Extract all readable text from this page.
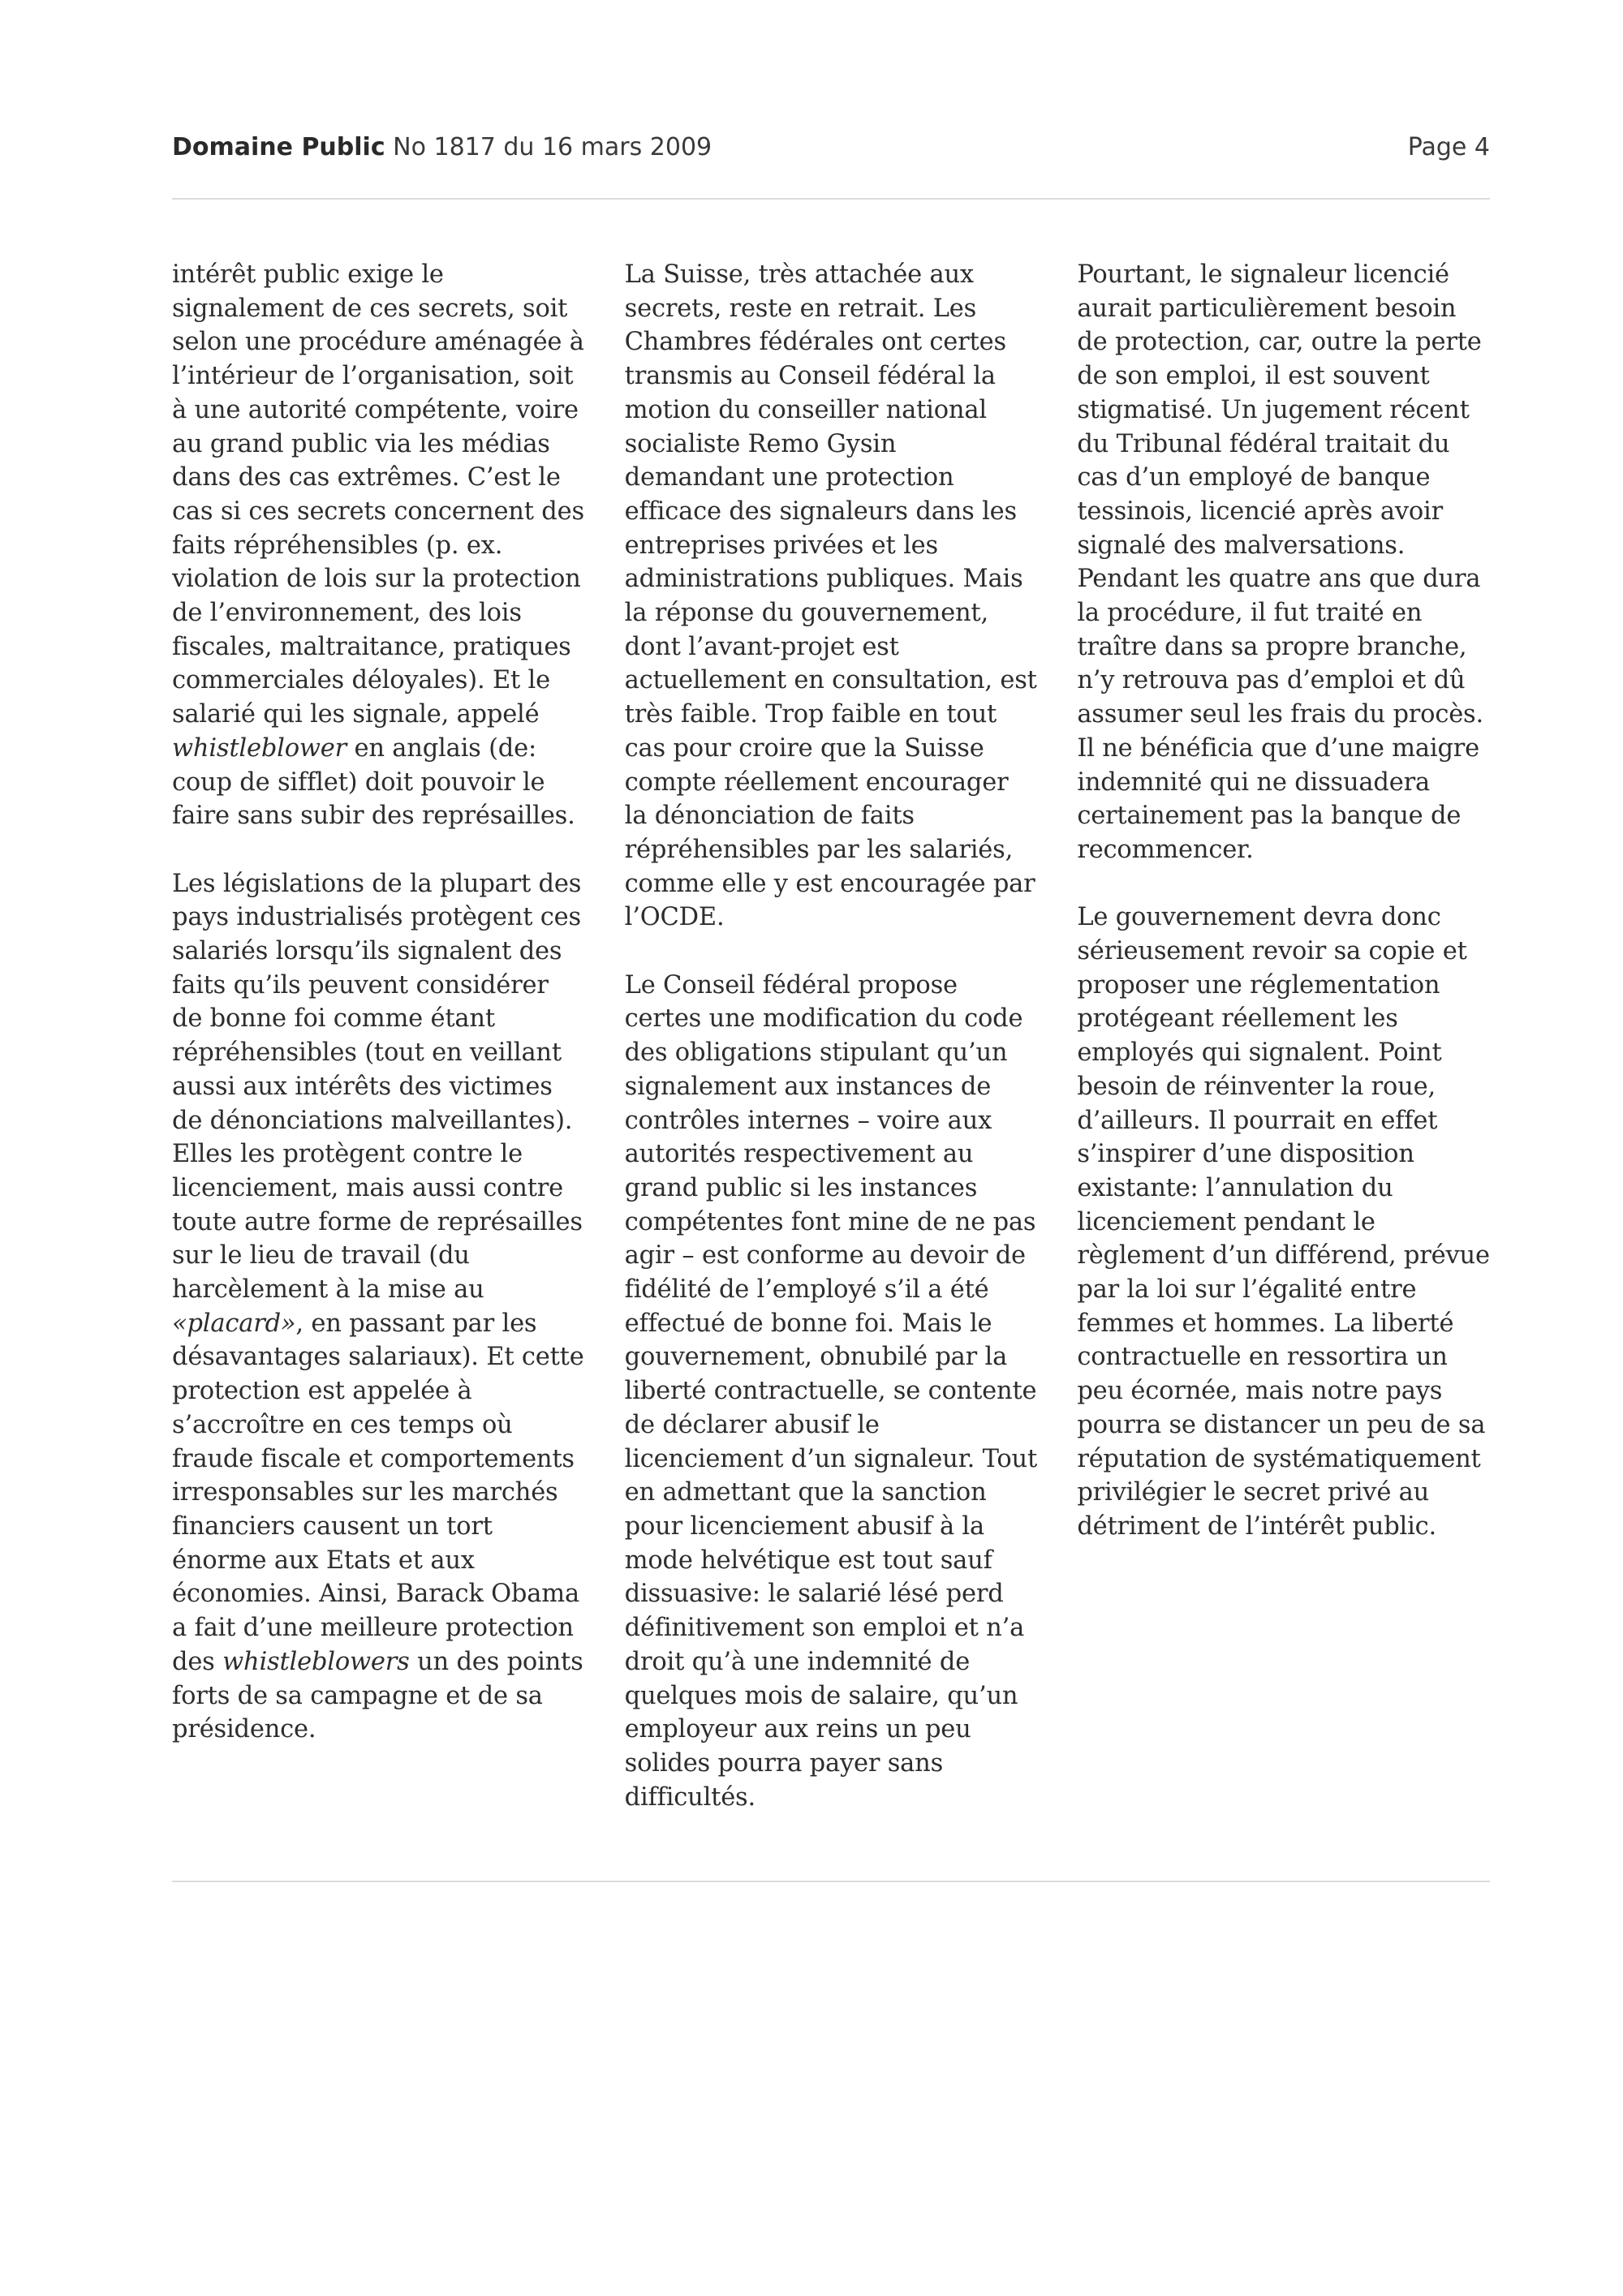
Domaine Public No 1817 du 16 mars 2009	Page 4

intérêt public exige le signalement de ces secrets, soit selon une procédure aménagée à l’intérieur de l’organisation, soit à une autorité compétente, voire au grand public via les médias dans des cas extrêmes. C’est le cas si ces secrets concernent des faits répréhensibles (p. ex. violation de lois sur la protection de l’environnement, des lois fiscales, maltraitance, pratiques commerciales déloyales). Et le salarié qui les signale, appelé whistleblower en anglais (de: coup de sifflet) doit pouvoir le faire sans subir des représailles.

Les législations de la plupart des pays industrialisés protègent ces salariés lorsqu’ils signalent des faits qu’ils peuvent considérer de bonne foi comme étant répréhensibles (tout en veillant aussi aux intérêts des victimes de dénonciations malveillantes). Elles les protègent contre le licenciement, mais aussi contre toute autre forme de représailles sur le lieu de travail (du harcèlement à la mise au «placard», en passant par les désavantages salariaux). Et cette protection est appelée à s’accroître en ces temps où fraude fiscale et comportements irresponsables sur les marchés financiers causent un tort énorme aux Etats et aux économies. Ainsi, Barack Obama a fait d’une meilleure protection des whistleblowers un des points forts de sa campagne et de sa présidence.

La Suisse, très attachée aux secrets, reste en retrait. Les Chambres fédérales ont certes transmis au Conseil fédéral la motion du conseiller national socialiste Remo Gysin demandant une protection efficace des signaleurs dans les entreprises privées et les administrations publiques. Mais la réponse du gouvernement, dont l’avant-projet est actuellement en consultation, est très faible. Trop faible en tout cas pour croire que la Suisse compte réellement encourager la dénonciation de faits répréhensibles par les salariés, comme elle y est encouragée par l’OCDE.

Le Conseil fédéral propose certes une modification du code des obligations stipulant qu’un signalement aux instances de contrôles internes – voire aux autorités respectivement au grand public si les instances compétentes font mine de ne pas agir – est conforme au devoir de fidélité de l’employé s’il a été effectué de bonne foi. Mais le gouvernement, obnubilé par la liberté contractuelle, se contente de déclarer abusif le licenciement d’un signaleur. Tout en admettant que la sanction pour licenciement abusif à la mode helvétique est tout sauf dissuasive: le salarié lésé perd définitivement son emploi et n’a droit qu’à une indemnité de quelques mois de salaire, qu’un employeur aux reins un peu solides pourra payer sans difficultés.

Pourtant, le signaleur licencié aurait particulièrement besoin de protection, car, outre la perte de son emploi, il est souvent stigmatisé. Un jugement récent du Tribunal fédéral traitait du cas d’un employé de banque tessinois, licencié après avoir signalé des malversations. Pendant les quatre ans que dura la procédure, il fut traité en traître dans sa propre branche, n’y retrouva pas d’emploi et dû assumer seul les frais du procès. Il ne bénéficia que d’une maigre indemnité qui ne dissuadera certainement pas la banque de recommencer.

Le gouvernement devra donc sérieusement revoir sa copie et proposer une réglementation protégeant réellement les employés qui signalent. Point besoin de réinventer la roue, d’ailleurs. Il pourrait en effet s’inspirer d’une disposition existante: l’annulation du licenciement pendant le règlement d’un différend, prévue par la loi sur l’égalité entre femmes et hommes. La liberté contractuelle en ressortira un peu écornée, mais notre pays pourra se distancer un peu de sa réputation de systématiquement privilégier le secret privé au détriment de l’intérêt public.
